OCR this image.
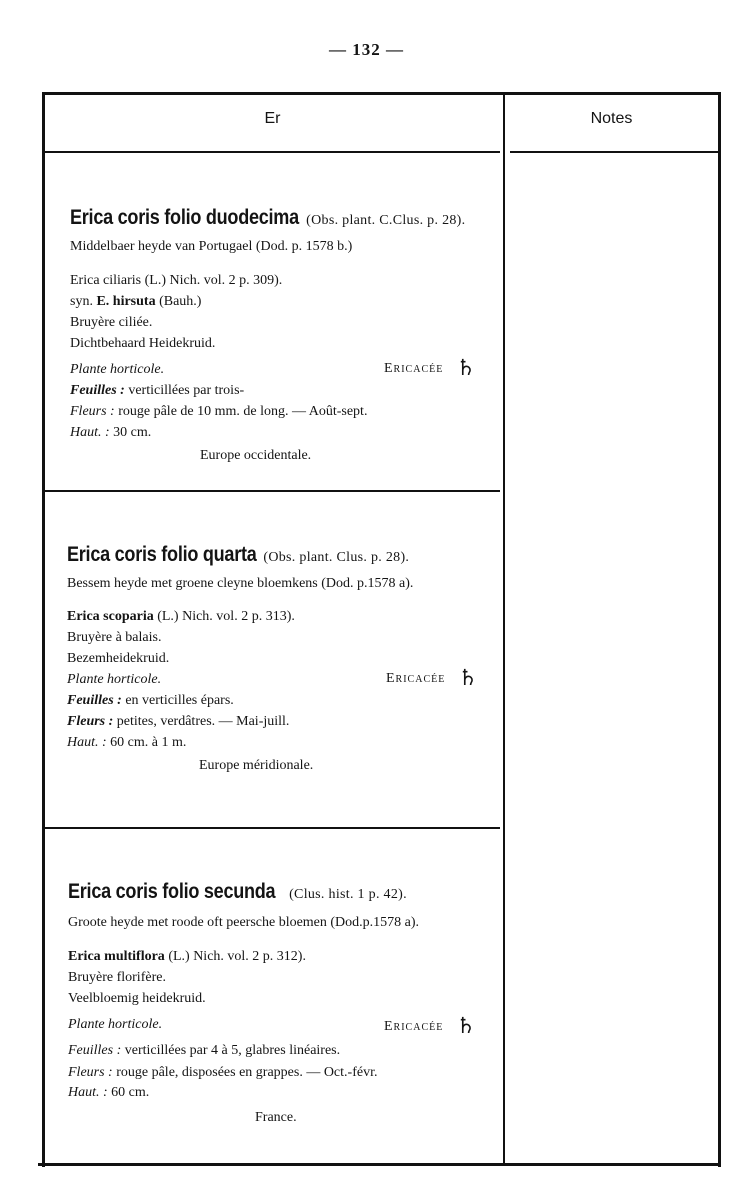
— 132 —
Er	Notes
Erica coris folio duodecima (Obs. plant. C.Clus. p. 28).
Middelbaer heyde van Portugael (Dod. p. 1578 b.)
Erica ciliaris (L.) Nich. vol. 2 p. 309).
syn. E. hirsuta (Bauh.)
Bruyère ciliée.
Dichtbehaard Heidekruid.
Plante horticole.
Feuilles : verticillées par trois-
Fleurs : rouge pâle de 10 mm. de long. — Août-sept.
Haut. : 30 cm.
Europe occidentale.
Ericacée ♄
Erica coris folio quarta (Obs. plant. Clus. p. 28).
Bessem heyde met groene cleyne bloemkens (Dod. p.1578 a).
Erica scoparia (L.) Nich. vol. 2 p. 313).
Bruyère à balais.
Bezemheidekruid.
Plante horticole.
Feuilles : en verticilles épars.
Fleurs : petites, verdâtres. — Mai-juill.
Haut. : 60 cm. à 1 m.
Europe méridionale.
Ericacée ♄
Erica coris folio secunda (Clus. hist. 1 p. 42).
Groote heyde met roode oft peersche bloemen (Dod.p.1578 a).
Erica multiflora (L.) Nich. vol. 2 p. 312).
Bruyère florifère.
Veelbloemig heidekruid.
Plante horticole.
Feuilles : verticillées par 4 à 5, glabres linéaires.
Fleurs : rouge pâle, disposées en grappes. — Oct.-févr.
Haut. : 60 cm.
France.
Ericacée ♄
